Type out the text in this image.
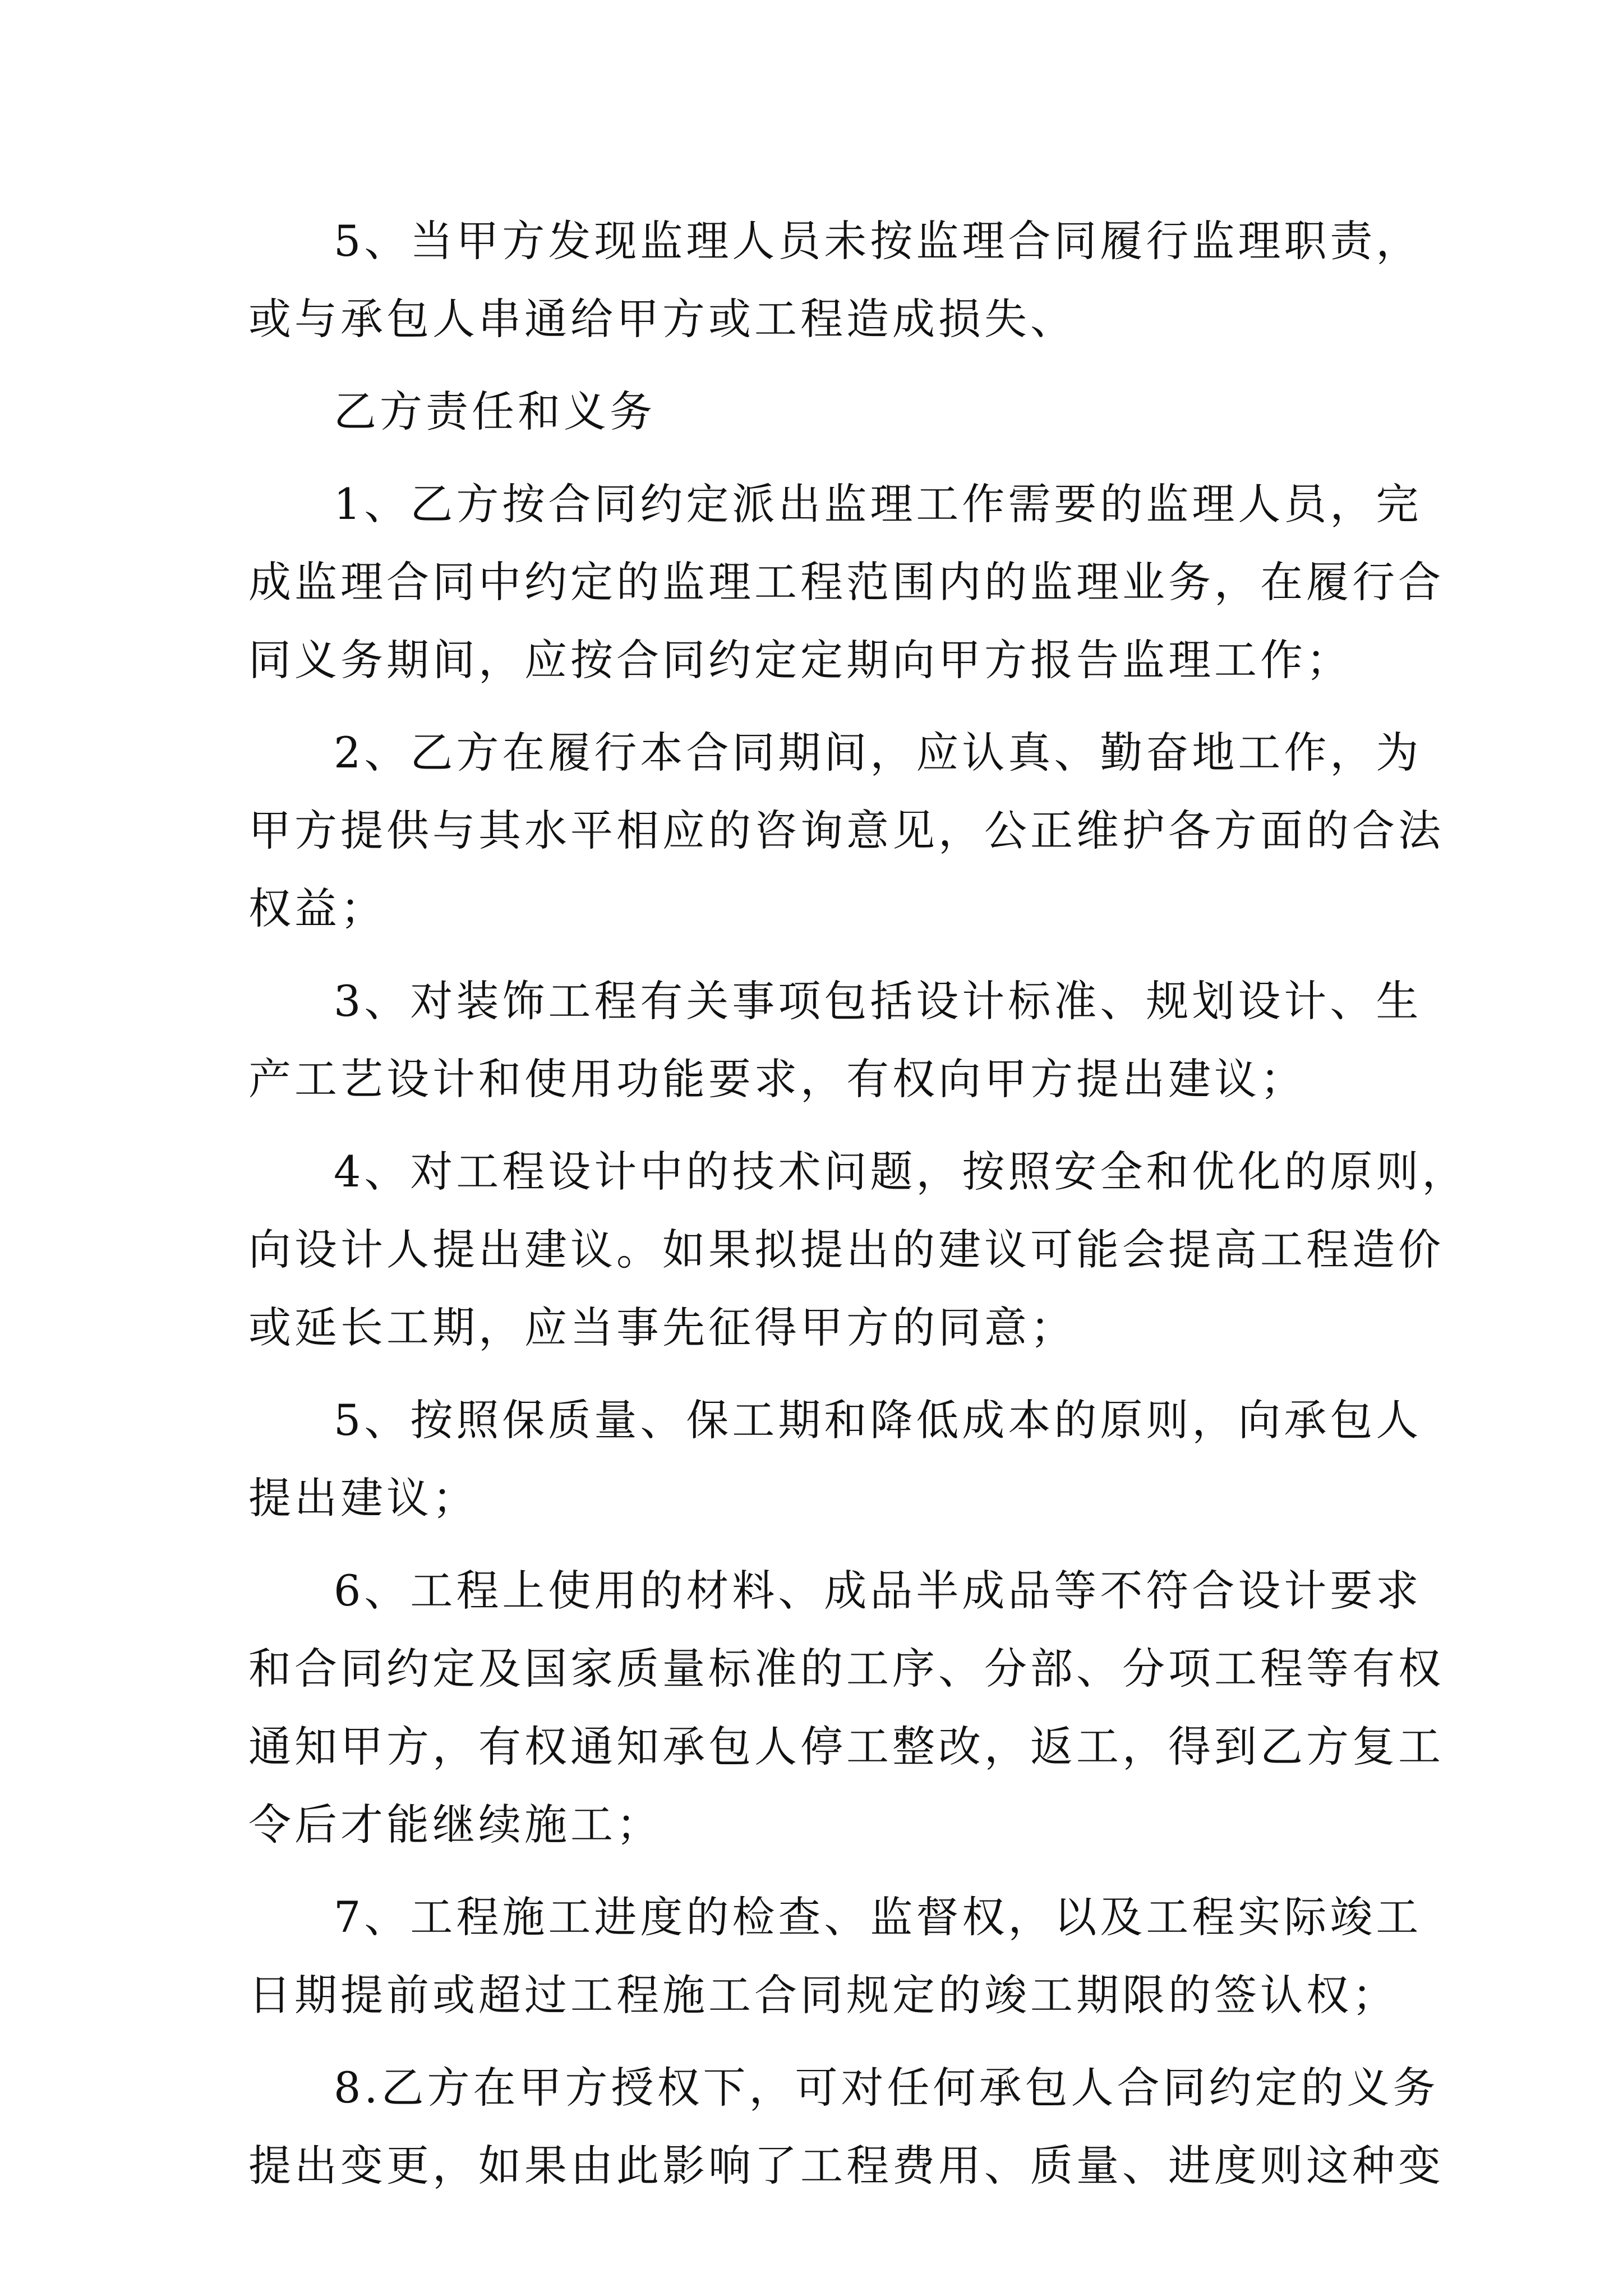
5、当甲方发现监理人员未按监理合同履行监理职责，
或与承包人串通给甲方或工程造成损失、
乙方责任和义务
1、乙方按合同约定派出监理工作需要的监理人员，完
成监理合同中约定的监理工程范围内的监理业务，在履行合
同义务期间，应按合同约定定期向甲方报告监理工作；
2、乙方在履行本合同期间，应认真、勤奋地工作，为
甲方提供与其水平相应的咨询意见，公正维护各方面的合法
权益；
3、对装饰工程有关事项包括设计标准、规划设计、生
产工艺设计和使用功能要求，有权向甲方提出建议；
4、对工程设计中的技术问题，按照安全和优化的原则，
向设计人提出建议。如果拟提出的建议可能会提高工程造价
或延长工期，应当事先征得甲方的同意；
5、按照保质量、保工期和降低成本的原则，向承包人
提出建议；
6、工程上使用的材料、成品半成品等不符合设计要求
和合同约定及国家质量标准的工序、分部、分项工程等有权
通知甲方，有权通知承包人停工整改，返工，得到乙方复工
令后才能继续施工；
7、工程施工进度的检查、监督权，以及工程实际竣工
日期提前或超过工程施工合同规定的竣工期限的签认权；
8.乙方在甲方授权下，可对任何承包人合同约定的义务
提出变更，如果由此影响了工程费用、质量、进度则这种变
